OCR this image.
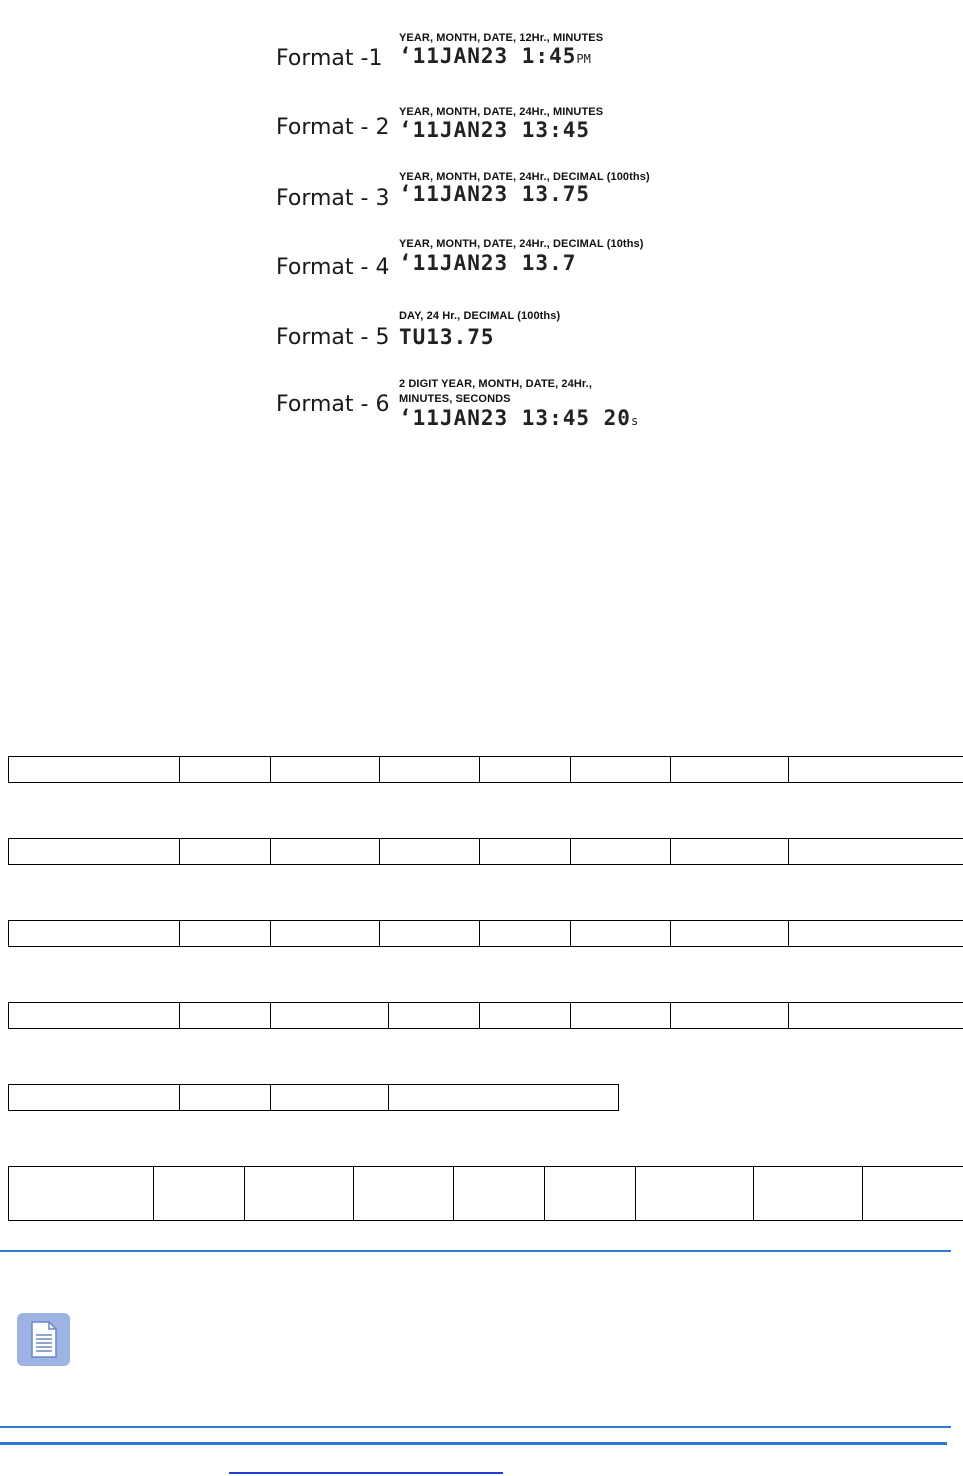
Format -1
YEAR, MONTH, DATE, 12Hr., MINUTES
‘11JAN23 1:45PM
Format - 2
YEAR, MONTH, DATE, 24Hr., MINUTES
‘11JAN23 13:45
Format - 3
YEAR, MONTH, DATE, 24Hr., DECIMAL (100ths)
‘11JAN23 13.75
Format - 4
YEAR, MONTH, DATE, 24Hr., DECIMAL (10ths)
‘11JAN23 13.7
Format - 5
DAY, 24 Hr., DECIMAL (100ths)
TU13.75
Format - 6
2 DIGIT YEAR, MONTH, DATE, 24Hr.,
MINUTES, SECONDS
‘11JAN23 13:45 20s
